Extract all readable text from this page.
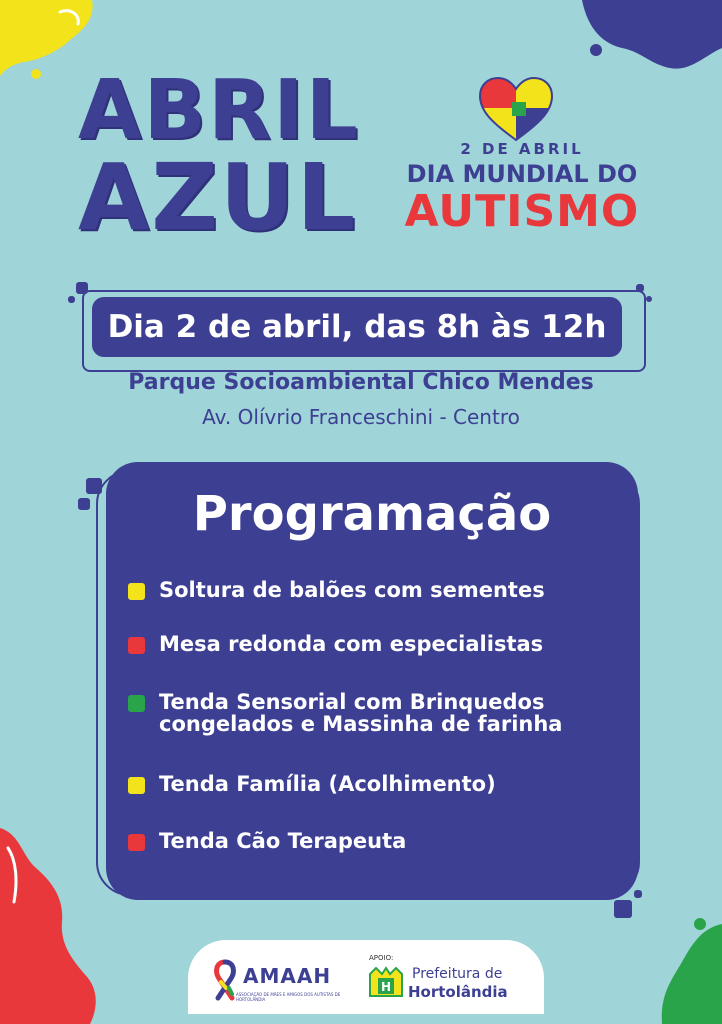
ABRIL
AZUL	2 DE ABRIL
DIA MUNDIAL DO
AUTISMO
Dia 2 de abril, das 8h às 12h
Parque Socioambiental Chico Mendes
Av. Olívrio Franceschini - Centro
Programação
Soltura de balões com sementes
Mesa redonda com especialistas
Tenda Sensorial com Brinquedos
congelados e Massinha de farinha
Tenda Família (Acolhimento)
Tenda Cão Terapeuta
AMAAH
ASSOCIAÇÃO DE MÃES E AMIGOS DOS AUTISTAS DE HORTOLÂNDIA
APOIO:
H
Prefeitura de
Hortolândia
